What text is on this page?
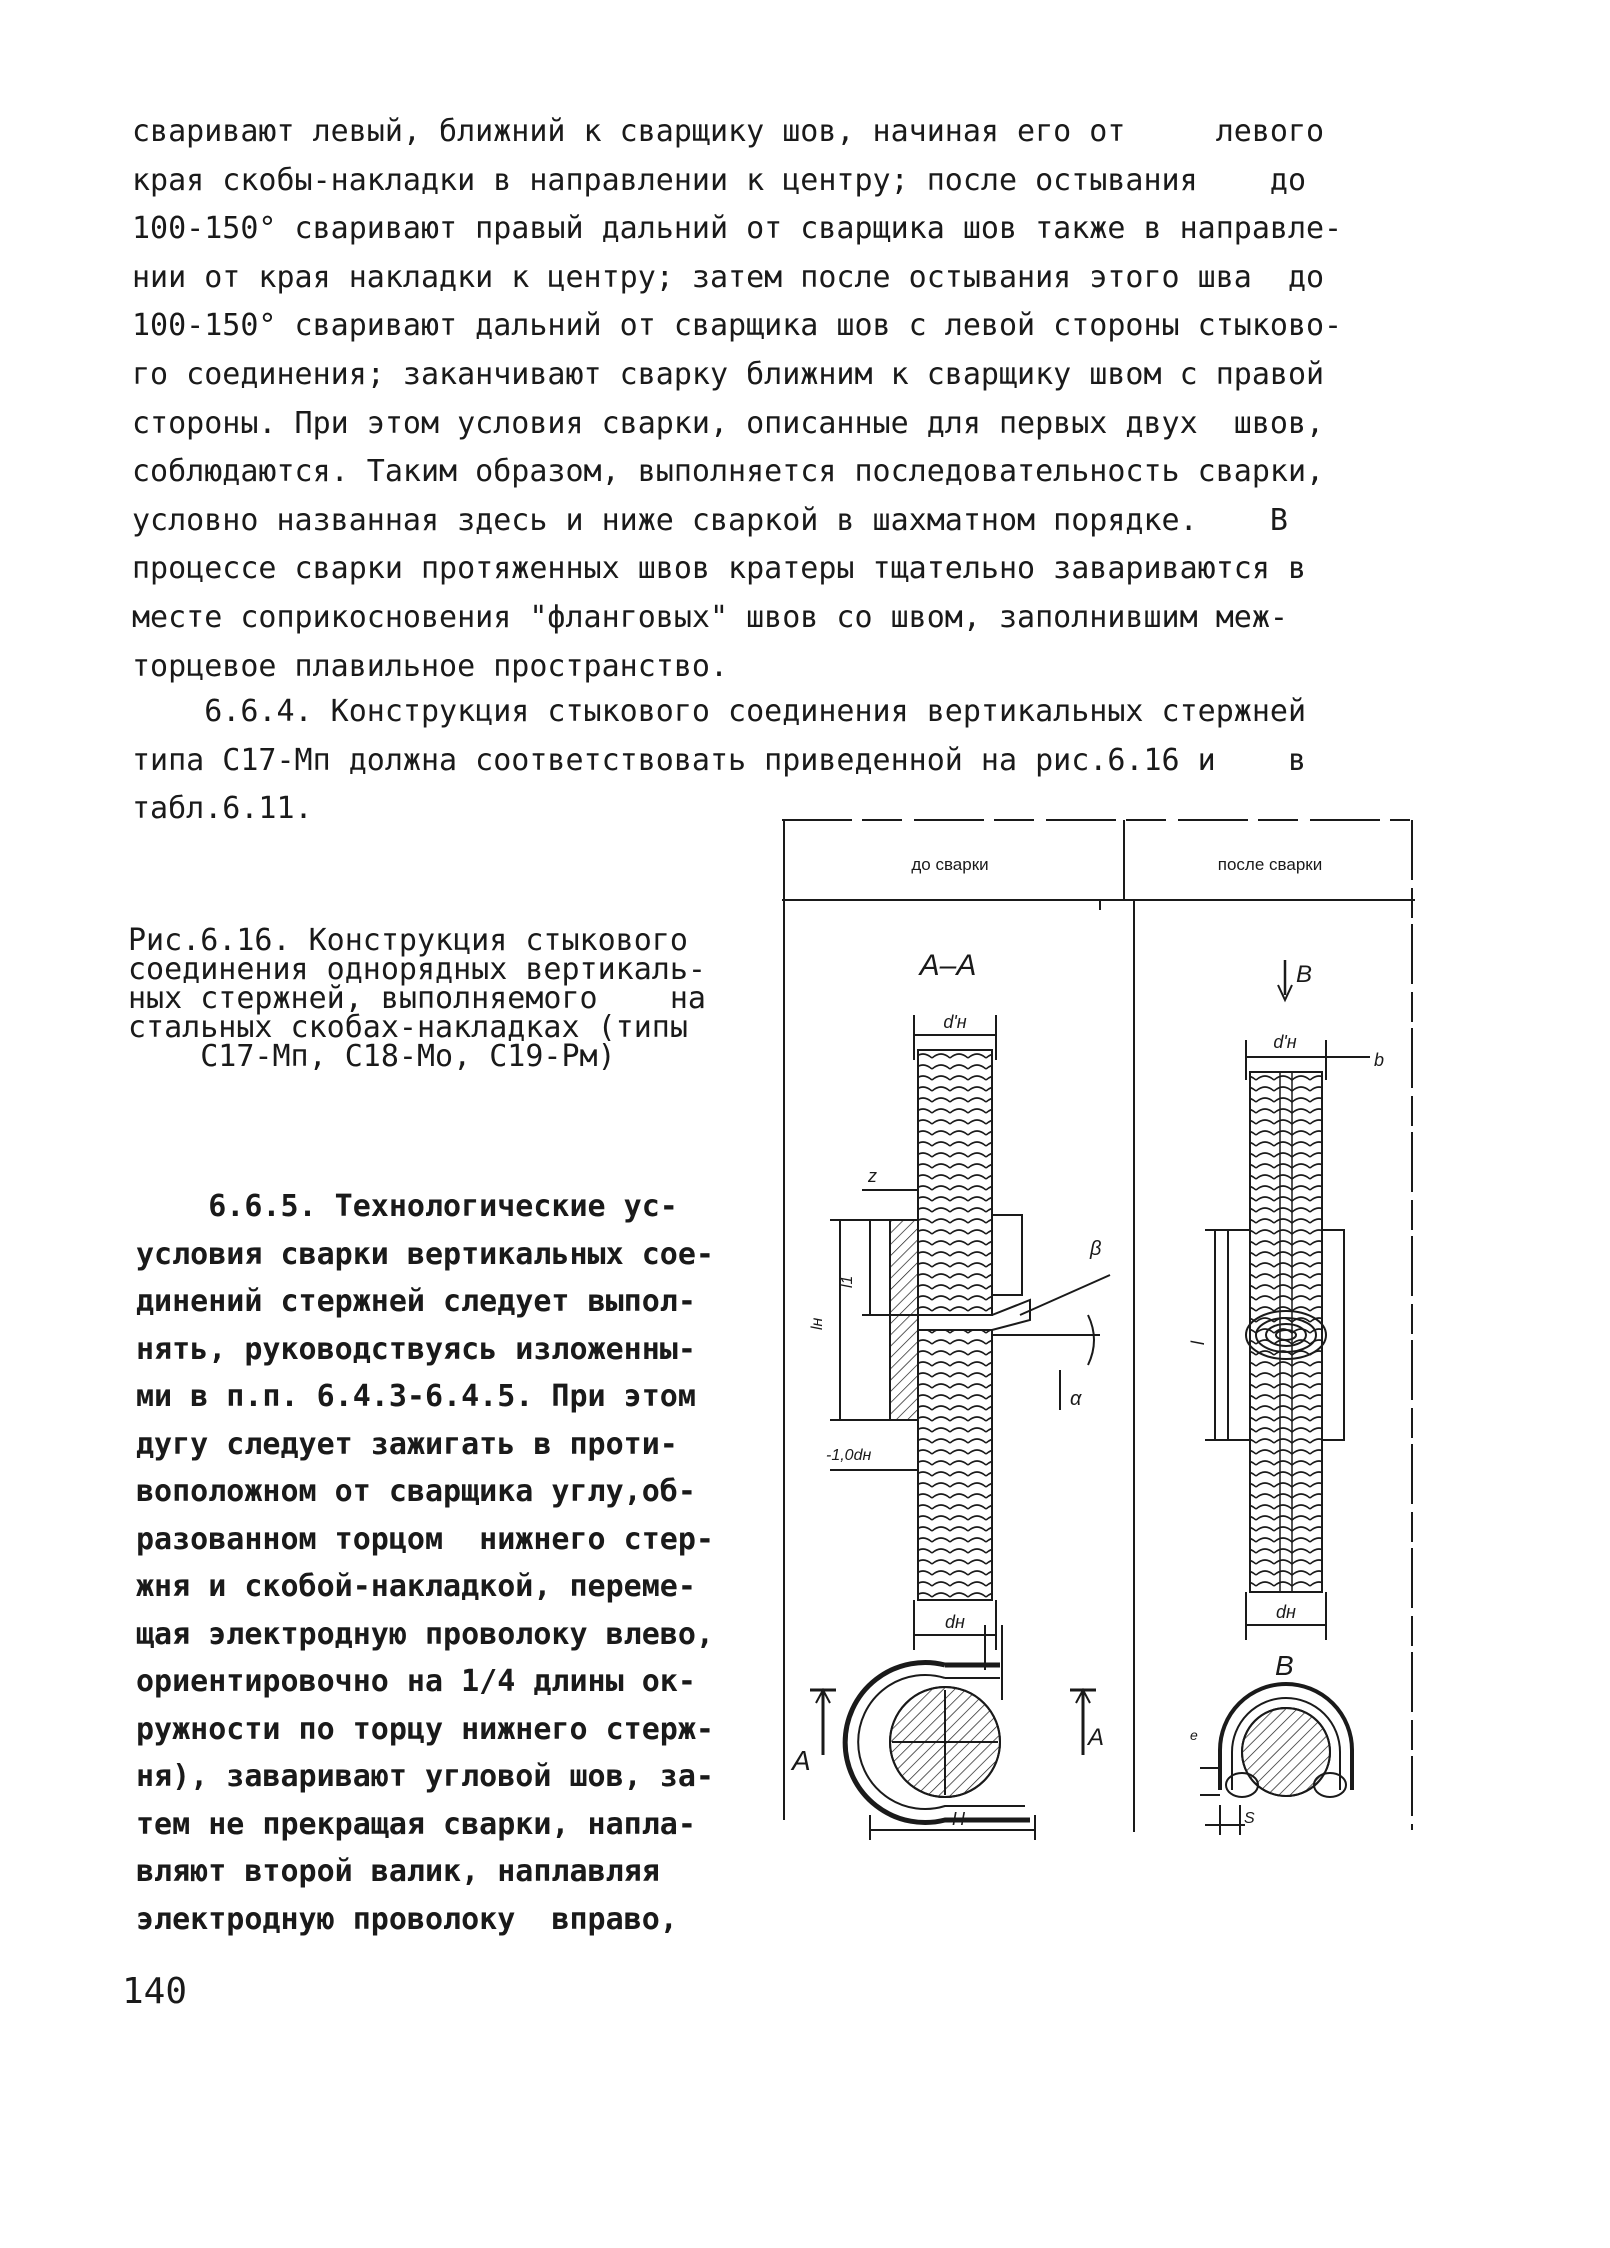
сваривают левый, ближний к сварщику шов, начиная его от     левого
края скобы-накладки в направлении к центру; после остывания    до
100-150° сваривают правый дальний от сварщика шов также в направле-
нии от края накладки к центру; затем после остывания этого шва  до
100-150° сваривают дальний от сварщика шов с левой стороны стыково-
го соединения; заканчивают сварку ближним к сварщику швом с правой
стороны. При этом условия сварки, описанные для первых двух  швов,
соблюдаются. Таким образом, выполняется последовательность сварки,
условно названная здесь и ниже сваркой в шахматном порядке.    В
процессе сварки протяженных швов кратеры тщательно завариваются в
месте соприкосновения "фланговых" швов со швом, заполнившим меж-
торцевое плавильное пространство.
6.6.4. Конструкция стыкового соединения вертикальных стержней
типа С17-Мп должна соответствовать приведенной на рис.6.16 и    в
табл.6.11.
Рис.6.16. Конструкция стыкового
соединения однорядных вертикаль-
ных стержней, выполняемого    на
стальных скобах-накладках (типы
С17-Мп, С18-Мо, С19-Рм)
6.6.5. Технологические ус-
условия сварки вертикальных сое-
динений стержней следует выпол-
нять, руководствуясь изложенны-
ми в п.п. 6.4.3-6.4.5. При этом
дугу следует зажигать в проти-
воположном от сварщика углу,об-
разованном торцом  нижнего стер-
жня и скобой-накладкой, переме-
щая электродную проволоку влево,
ориентировочно на 1/4 длины ок-
ружности по торцу нижнего стерж-
ня), заваривают угловой шов, за-
тем не прекращая сварки, напла-
вляют второй валик, наплавляя
электродную проволоку  вправо,
140
до сварки	после сварки
А–А
d'н
z
β
α
l1
lн
-1,0dн
dн
H
A
A
В
d'н
b
l
dн
В
e
S
